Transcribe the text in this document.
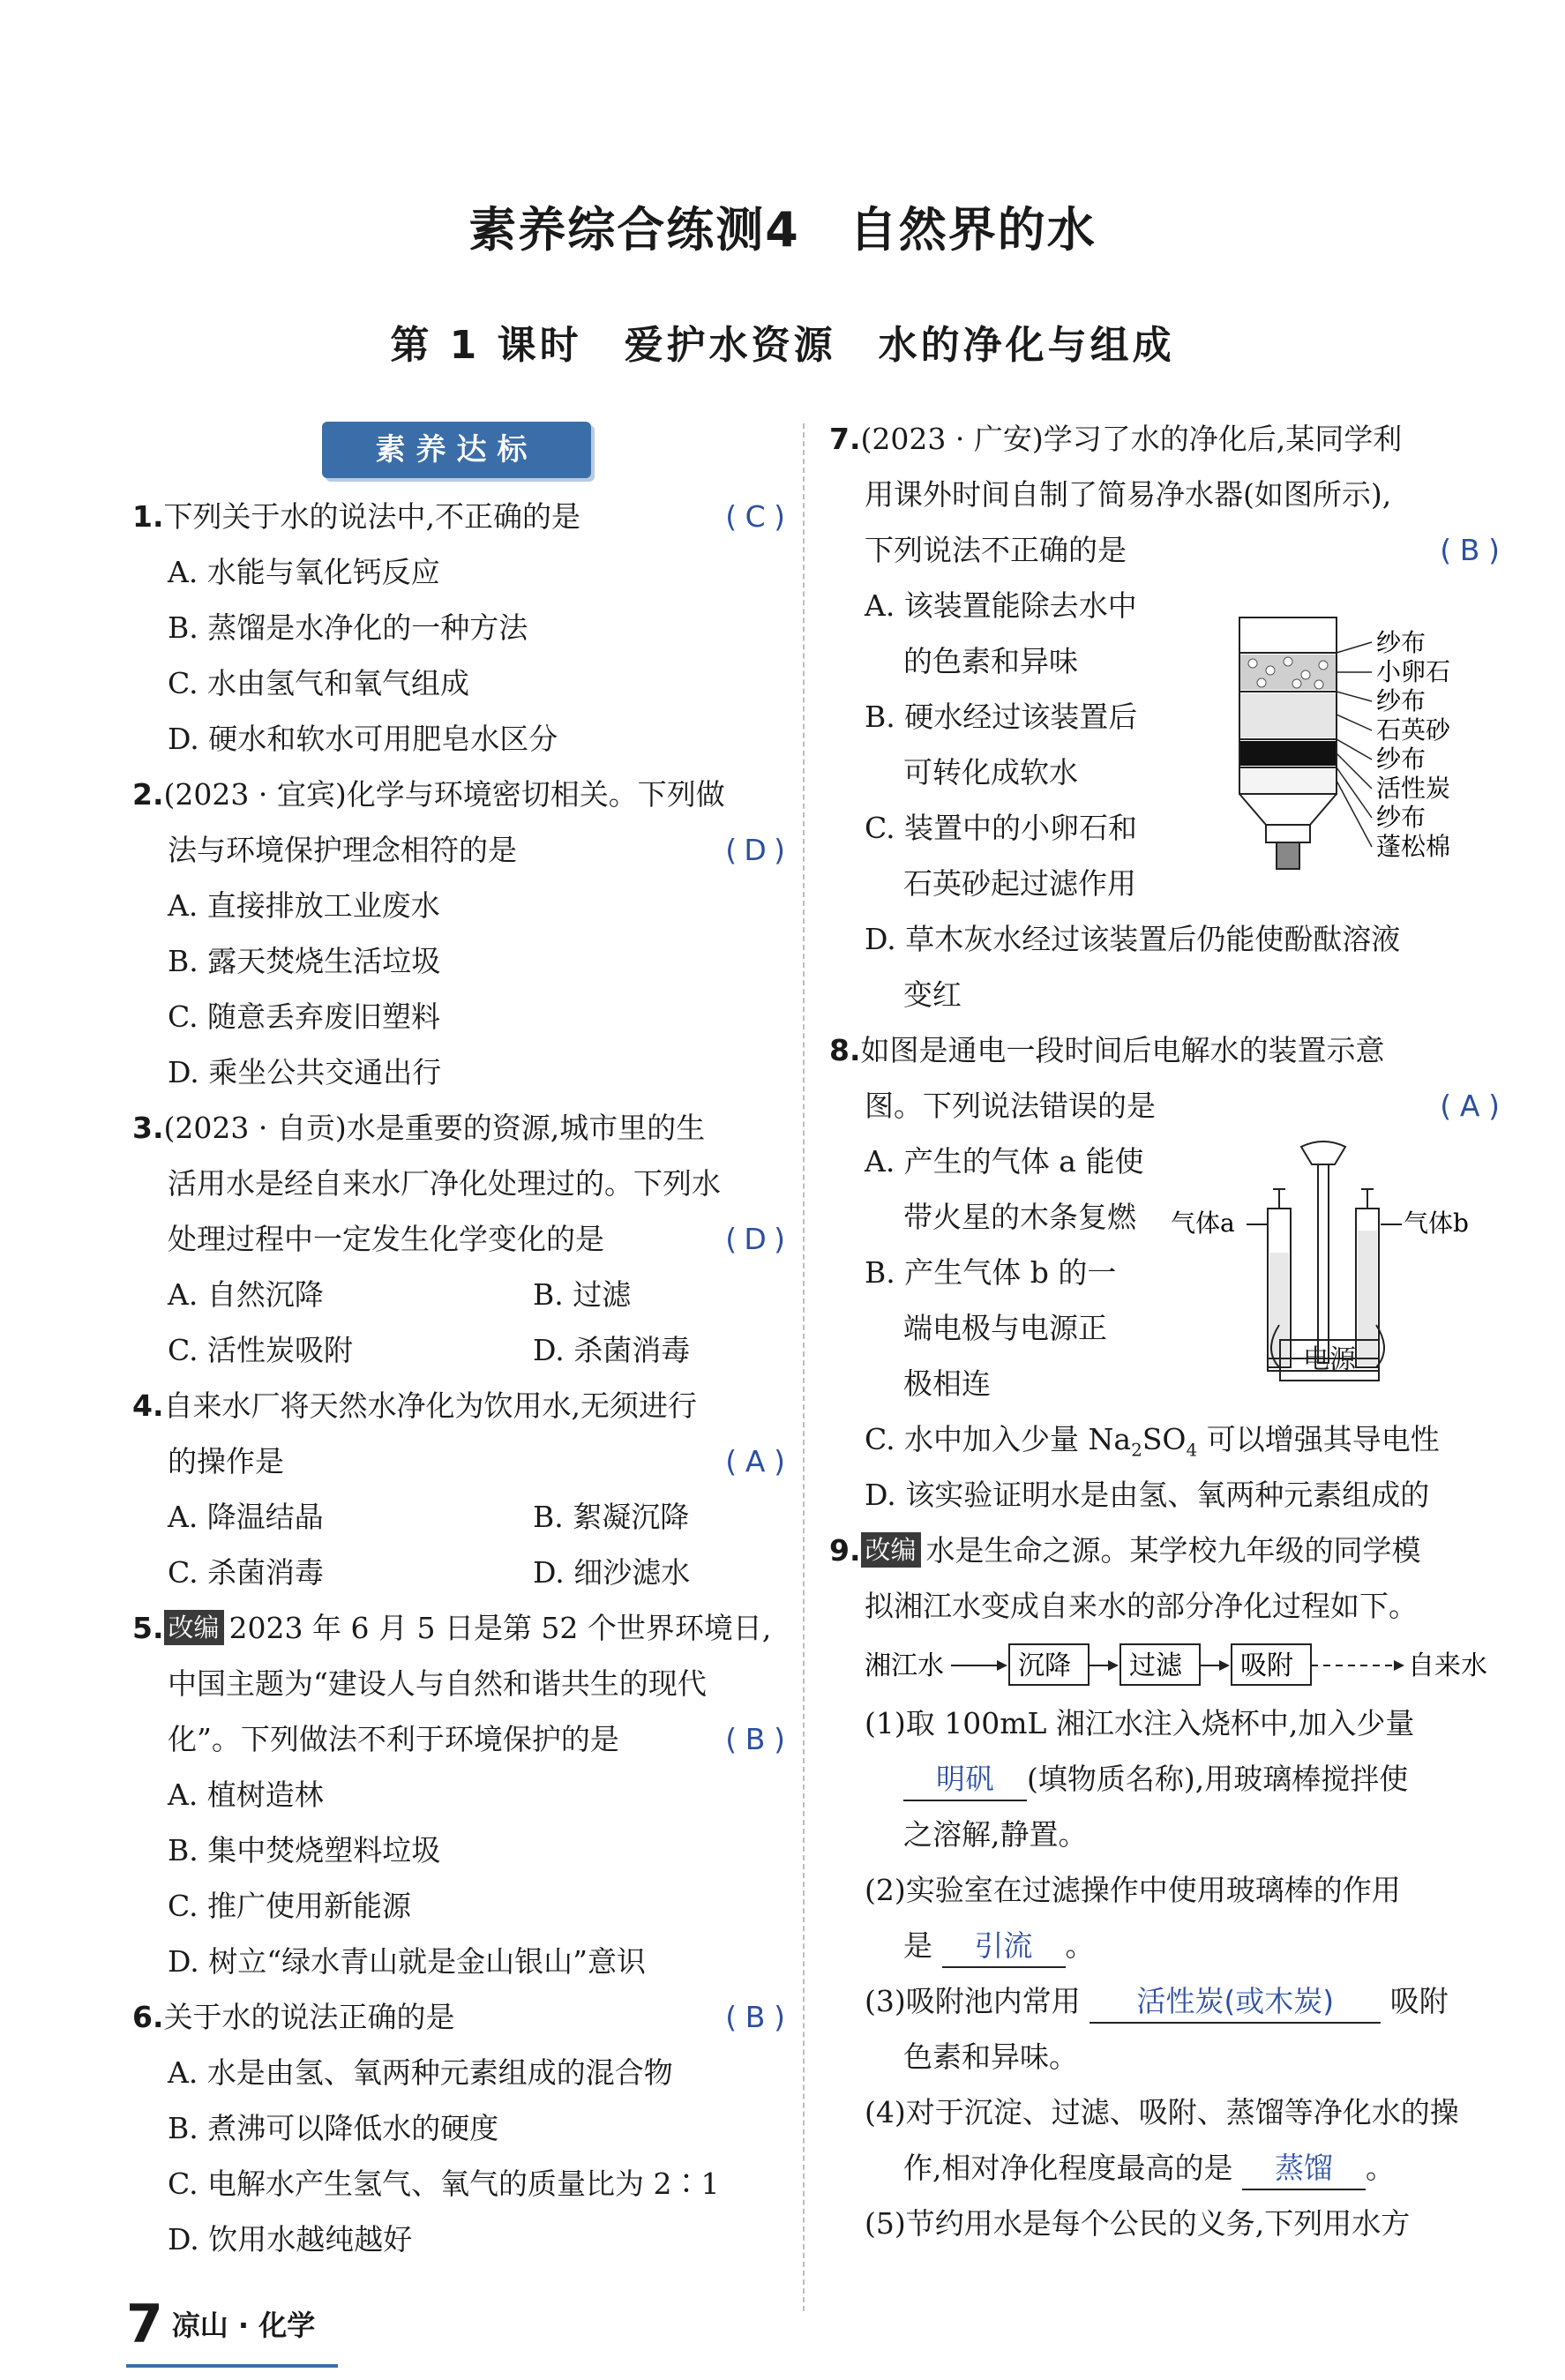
素养综合练测4　自然界的水
第 1 课时　爱护水资源　水的净化与组成
素养达标
1.下列关于水的说法中,不正确的是	( C )
A. 水能与氧化钙反应
B. 蒸馏是水净化的一种方法
C. 水由氢气和氧气组成
D. 硬水和软水可用肥皂水区分
2.(2023 · 宜宾)化学与环境密切相关。下列做
法与环境保护理念相符的是	( D )
A. 直接排放工业废水
B. 露天焚烧生活垃圾
C. 随意丢弃废旧塑料
D. 乘坐公共交通出行
3.(2023 · 自贡)水是重要的资源,城市里的生
活用水是经自来水厂净化处理过的。下列水
处理过程中一定发生化学变化的是	( D )
A. 自然沉降	B. 过滤
C. 活性炭吸附	D. 杀菌消毒
4.自来水厂将天然水净化为饮用水,无须进行
的操作是	( A )
A. 降温结晶	B. 絮凝沉降
C. 杀菌消毒	D. 细沙滤水
5. 改编 2023 年 6 月 5 日是第 52 个世界环境日,
中国主题为“建设人与自然和谐共生的现代
化”。下列做法不利于环境保护的是	( B )
A. 植树造林
B. 集中焚烧塑料垃圾
C. 推广使用新能源
D. 树立“绿水青山就是金山银山”意识
6.关于水的说法正确的是	( B )
A. 水是由氢、氧两种元素组成的混合物
B. 煮沸可以降低水的硬度
C. 电解水产生氢气、氧气的质量比为 2∶1
D. 饮用水越纯越好
7.(2023 · 广安)学习了水的净化后,某同学利
用课外时间自制了简易净水器(如图所示),
下列说法不正确的是	( B )
A. 该装置能除去水中
的色素和异味
B. 硬水经过该装置后
可转化成软水
C. 装置中的小卵石和
石英砂起过滤作用
D. 草木灰水经过该装置后仍能使酚酞溶液
变红
8.如图是通电一段时间后电解水的装置示意
图。下列说法错误的是	( A )
A. 产生的气体 a 能使
带火星的木条复燃
B. 产生气体 b 的一
端电极与电源正
极相连
C. 水中加入少量 $Na_2SO_4$ 可以增强其导电性
D. 该实验证明水是由氢、氧两种元素组成的
9. 改编 水是生命之源。某学校九年级的同学模
拟湘江水变成自来水的部分净化过程如下。
湘江水	沉降 过滤 吸附	自来水
(1)取 100mL 湘江水注入烧杯中,加入少量
明矾 (填物质名称),用玻璃棒搅拌使
之溶解,静置。
(2)实验室在过滤操作中使用玻璃棒的作用
是 引流 。
(3)吸附池内常用 活性炭(或木炭) 吸附
色素和异味。
(4)对于沉淀、过滤、吸附、蒸馏等净化水的操
作,相对净化程度最高的是 蒸馏 。
(5)节约用水是每个公民的义务,下列用水方
纱布
小卵石
纱布
石英砂
纱布
活性炭
纱布
蓬松棉
气体a	气体b
电源
7 凉山 · 化学
